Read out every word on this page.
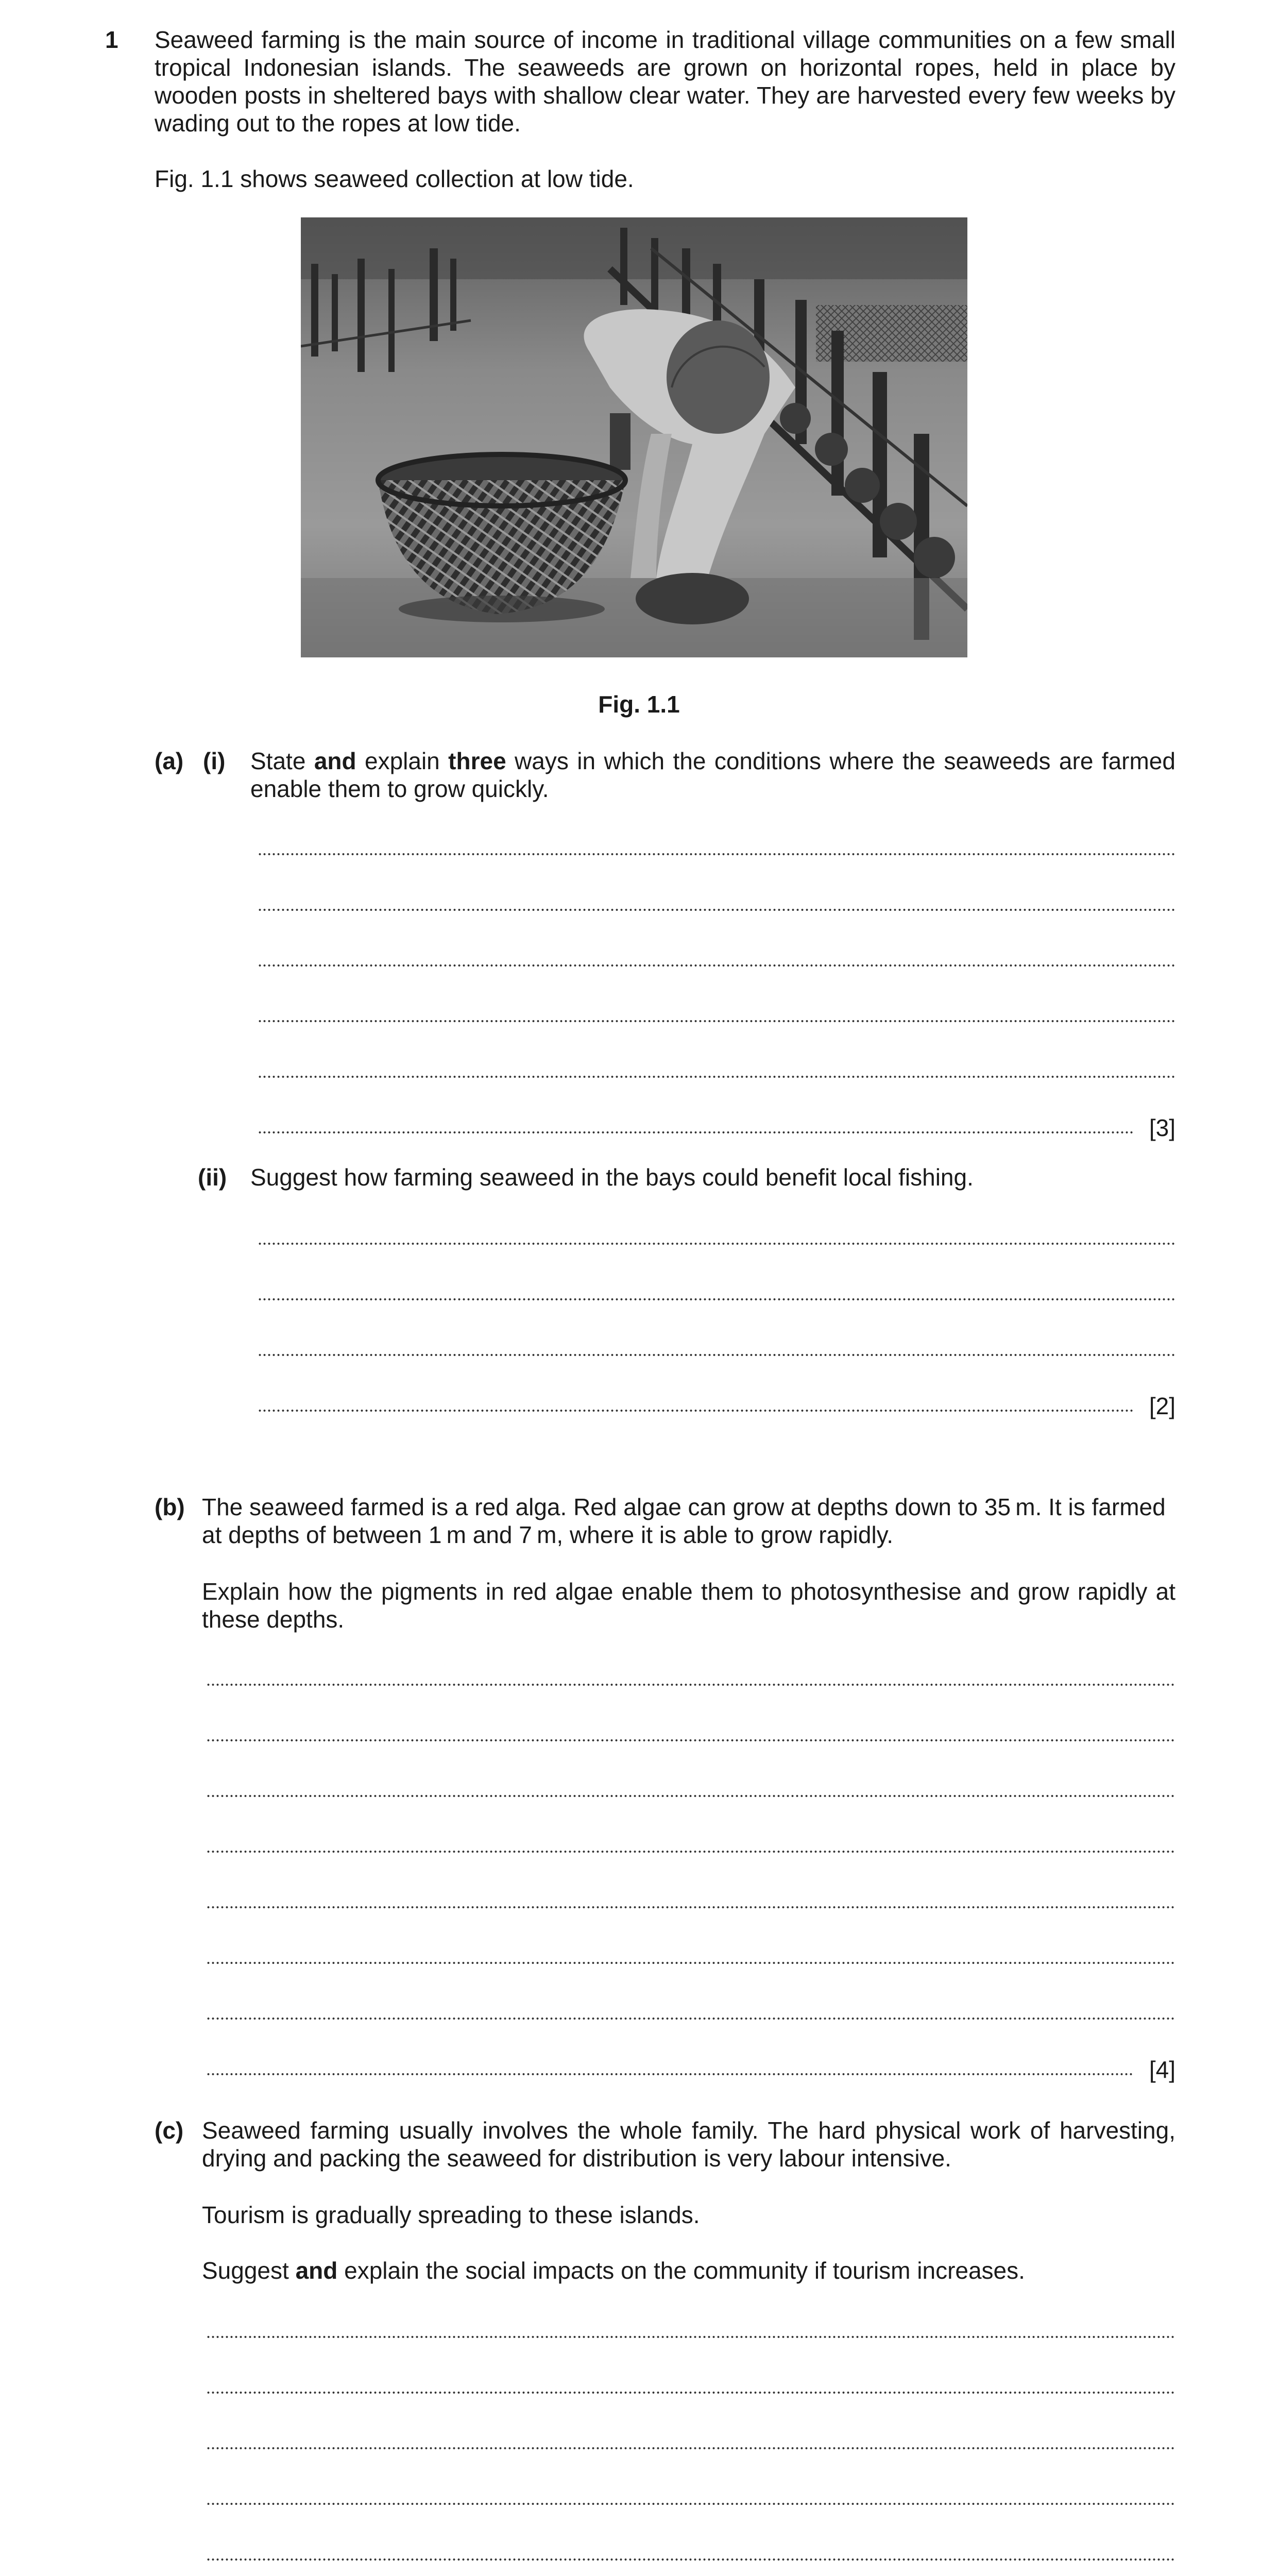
1 Seaweed farming is the main source of income in traditional village communities on a few small tropical Indonesian islands. The seaweeds are grown on horizontal ropes, held in place by wooden posts in sheltered bays with shallow clear water. They are harvested every few weeks by wading out to the ropes at low tide.
Fig. 1.1 shows seaweed collection at low tide.
Fig. 1.1
(a) (i) State and explain three ways in which the conditions where the seaweeds are farmed enable them to grow quickly.
[3]
(ii) Suggest how farming seaweed in the bays could benefit local fishing.
[2]
(b) The seaweed farmed is a red alga. Red algae can grow at depths down to 35 m. It is farmed at depths of between 1 m and 7 m, where it is able to grow rapidly.
Explain how the pigments in red algae enable them to photosynthesise and grow rapidly at these depths.
[4]
(c) Seaweed farming usually involves the whole family. The hard physical work of harvesting, drying and packing the seaweed for distribution is very labour intensive.
Tourism is gradually spreading to these islands.
Suggest and explain the social impacts on the community if tourism increases.
